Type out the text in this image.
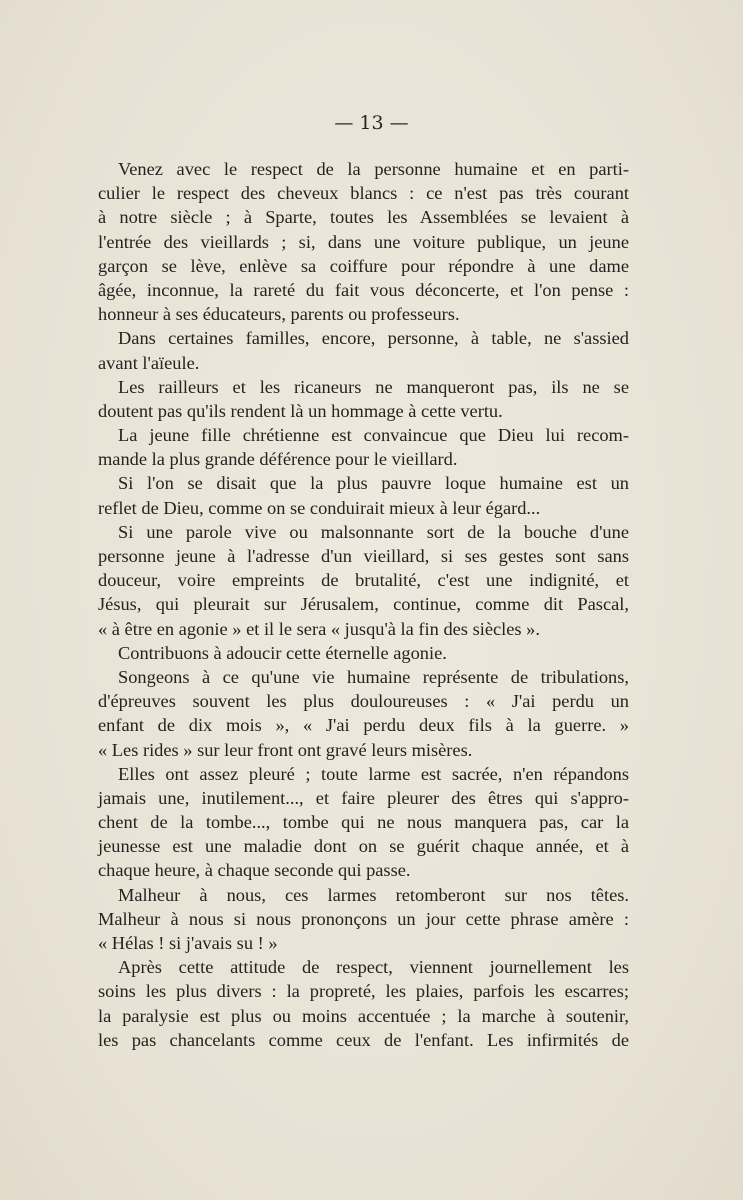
— 13 —
Venez avec le respect de la personne humaine et en parti-
culier le respect des cheveux blancs : ce n'est pas très courant
à notre siècle ; à Sparte, toutes les Assemblées se levaient à
l'entrée des vieillards ; si, dans une voiture publique, un jeune
garçon se lève, enlève sa coiffure pour répondre à une dame
âgée, inconnue, la rareté du fait vous déconcerte, et l'on pense :
honneur à ses éducateurs, parents ou professeurs.
Dans certaines familles, encore, personne, à table, ne s'assied
avant l'aïeule.
Les railleurs et les ricaneurs ne manqueront pas, ils ne se
doutent pas qu'ils rendent là un hommage à cette vertu.
La jeune fille chrétienne est convaincue que Dieu lui recom-
mande la plus grande déférence pour le vieillard.
Si l'on se disait que la plus pauvre loque humaine est un
reflet de Dieu, comme on se conduirait mieux à leur égard...
Si une parole vive ou malsonnante sort de la bouche d'une
personne jeune à l'adresse d'un vieillard, si ses gestes sont sans
douceur, voire empreints de brutalité, c'est une indignité, et
Jésus, qui pleurait sur Jérusalem, continue, comme dit Pascal,
« à être en agonie » et il le sera « jusqu'à la fin des siècles ».
Contribuons à adoucir cette éternelle agonie.
Songeons à ce qu'une vie humaine représente de tribulations,
d'épreuves souvent les plus douloureuses : « J'ai perdu un
enfant de dix mois », « J'ai perdu deux fils à la guerre. »
« Les rides » sur leur front ont gravé leurs misères.
Elles ont assez pleuré ; toute larme est sacrée, n'en répandons
jamais une, inutilement..., et faire pleurer des êtres qui s'appro-
chent de la tombe..., tombe qui ne nous manquera pas, car la
jeunesse est une maladie dont on se guérit chaque année, et à
chaque heure, à chaque seconde qui passe.
Malheur à nous, ces larmes retomberont sur nos têtes.
Malheur à nous si nous prononçons un jour cette phrase amère :
« Hélas ! si j'avais su ! »
Après cette attitude de respect, viennent journellement les
soins les plus divers : la propreté, les plaies, parfois les escarres;
la paralysie est plus ou moins accentuée ; la marche à soutenir,
les pas chancelants comme ceux de l'enfant. Les infirmités de
